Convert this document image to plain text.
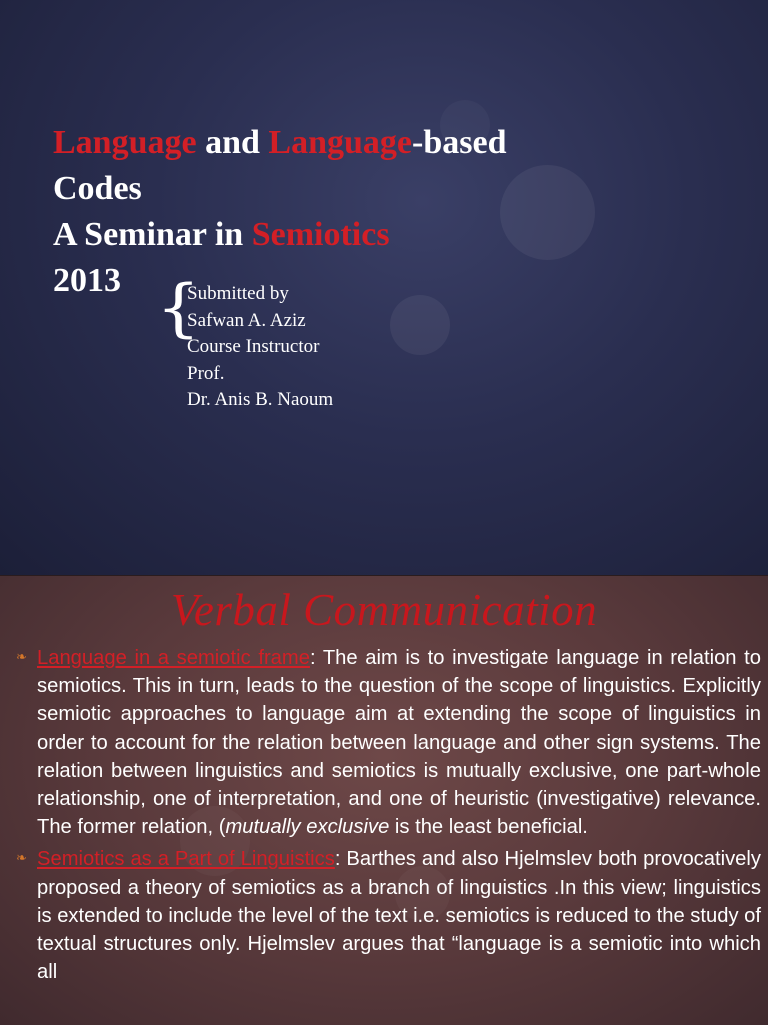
Language and Language-based
Codes
A Seminar in Semiotics
2013 {
Submitted by
Safwan A. Aziz
Course Instructor
Prof.
Dr. Anis B. Naoum
Verbal Communication
❧ Language in a semiotic frame: The aim is to investigate language in relation to semiotics. This in turn, leads to the question of the scope of linguistics. Explicitly semiotic approaches to language aim at extending the scope of linguistics in order to account for the relation between language and other sign systems. The relation between linguistics and semiotics is mutually exclusive, one part-whole relationship, one of interpretation, and one of heuristic (investigative) relevance. The former relation, (mutually exclusive is the least beneficial.
❧ Semiotics as a Part of Linguistics: Barthes and also Hjelmslev both provocatively proposed a theory of semiotics as a branch of linguistics .In this view; linguistics is extended to include the level of the text i.e. semiotics is reduced to the study of textual structures only. Hjelmslev argues that “language is a semiotic into which all
